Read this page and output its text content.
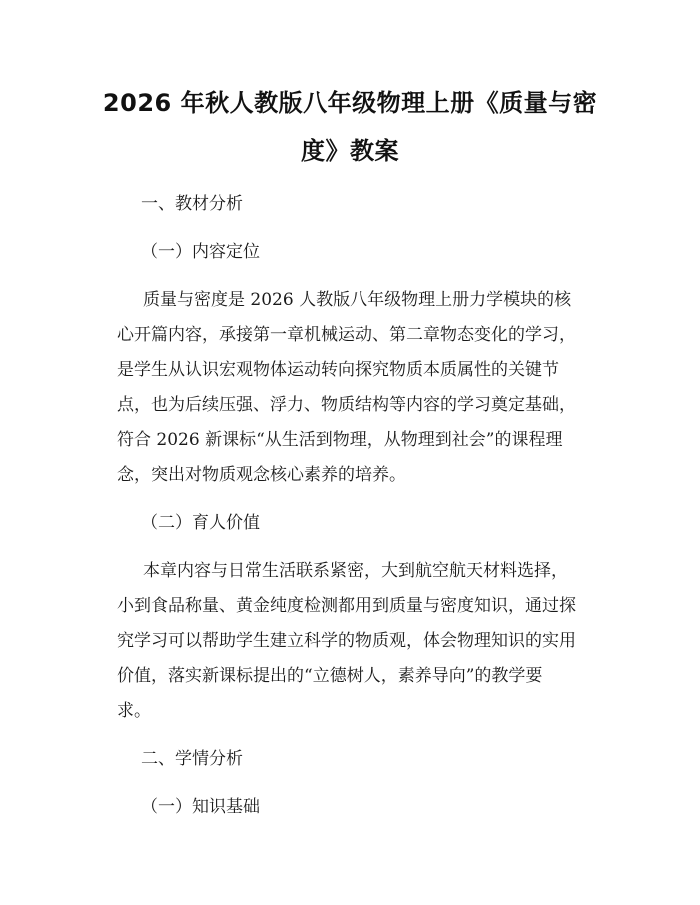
2026 年秋人教版八年级物理上册《质量与密
度》教案
一、教材分析
（一）内容定位
质量与密度是 2026 人教版八年级物理上册力学模块的核
心开篇内容，承接第一章机械运动、第二章物态变化的学习，
是学生从认识宏观物体运动转向探究物质本质属性的关键节
点，也为后续压强、浮力、物质结构等内容的学习奠定基础，
符合 2026 新课标“从生活到物理，从物理到社会”的课程理
念，突出对物质观念核心素养的培养。
（二）育人价值
本章内容与日常生活联系紧密，大到航空航天材料选择，
小到食品称量、黄金纯度检测都用到质量与密度知识，通过探
究学习可以帮助学生建立科学的物质观，体会物理知识的实用
价值，落实新课标提出的“立德树人，素养导向”的教学要
求。
二、学情分析
（一）知识基础
